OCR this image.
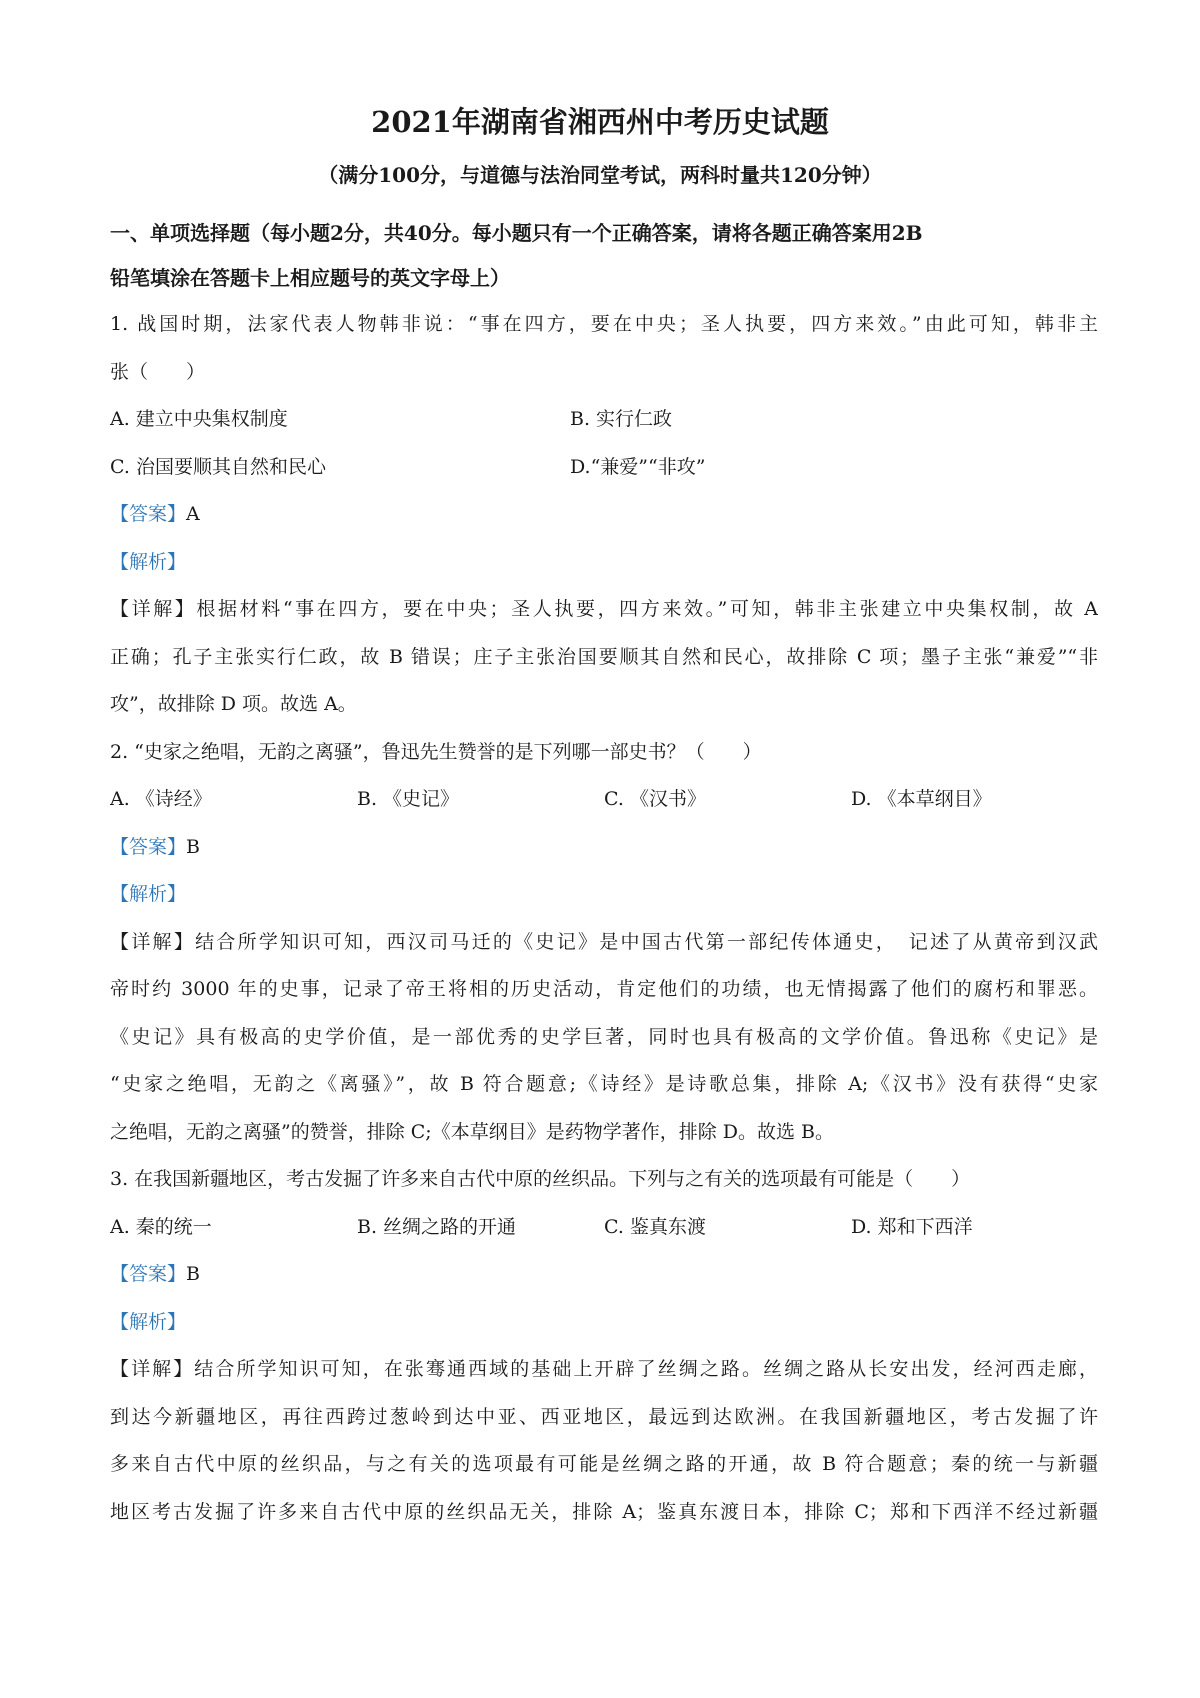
2021年湖南省湘西州中考历史试题
（满分100分，与道德与法治同堂考试，两科时量共120分钟）
一、单项选择题（每小题2分，共40分。每小题只有一个正确答案，请将各题正确答案用2B
铅笔填涂在答题卡上相应题号的英文字母上）
1. 战国时期，法家代表人物韩非说：“事在四方，要在中央；圣人执要，四方来效。”由此可知，韩非主
张（　　）
A. 建立中央集权制度	B. 实行仁政
C. 治国要顺其自然和民心	D.“兼爱”“非攻”
【答案】A
【解析】
【详解】根据材料“事在四方，要在中央；圣人执要，四方来效。”可知，韩非主张建立中央集权制，故 A
正确；孔子主张实行仁政，故 B 错误；庄子主张治国要顺其自然和民心，故排除 C 项；墨子主张“兼爱”“非
攻”，故排除 D 项。故选 A。
2. “史家之绝唱，无韵之离骚”，鲁迅先生赞誉的是下列哪一部史书？（　　）
A. 《诗经》	B. 《史记》	C. 《汉书》	D. 《本草纲目》
【答案】B
【解析】
【详解】结合所学知识可知，西汉司马迁的《史记》是中国古代第一部纪传体通史，　记述了从黄帝到汉武
帝时约 3000 年的史事，记录了帝王将相的历史活动，肯定他们的功绩，也无情揭露了他们的腐朽和罪恶。
《史记》具有极高的史学价值，是一部优秀的史学巨著，同时也具有极高的文学价值。鲁迅称《史记》是
“史家之绝唱，无韵之《离骚》”，故 B 符合题意;《诗经》是诗歌总集，排除 A;《汉书》没有获得“史家
之绝唱，无韵之离骚”的赞誉，排除 C;《本草纲目》是药物学著作，排除 D。故选 B。
3. 在我国新疆地区，考古发掘了许多来自古代中原的丝织品。下列与之有关的选项最有可能是（　　）
A. 秦的统一	B. 丝绸之路的开通	C. 鉴真东渡	D. 郑和下西洋
【答案】B
【解析】
【详解】结合所学知识可知，在张骞通西域的基础上开辟了丝绸之路。丝绸之路从长安出发，经河西走廊，
到达今新疆地区，再往西跨过葱岭到达中亚、西亚地区，最远到达欧洲。在我国新疆地区，考古发掘了许
多来自古代中原的丝织品，与之有关的选项最有可能是丝绸之路的开通，故 B 符合题意；秦的统一与新疆
地区考古发掘了许多来自古代中原的丝织品无关，排除 A；鉴真东渡日本，排除 C；郑和下西洋不经过新疆
